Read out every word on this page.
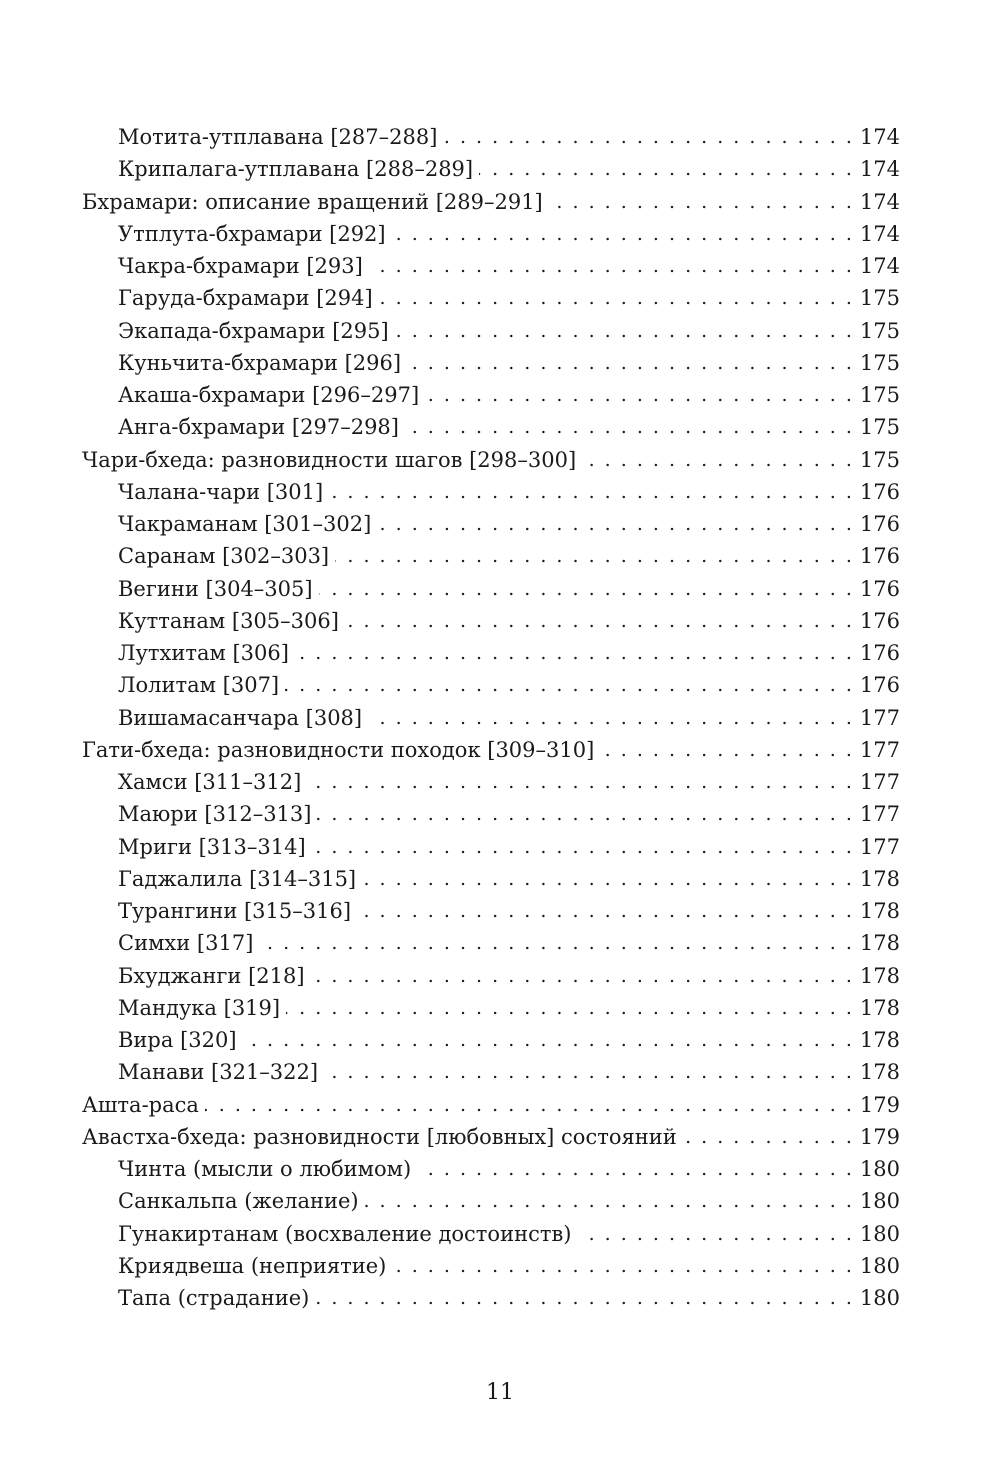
Мотита-утплавана [287–288] . . .	174
Крипалага-утплавана [288–289] . . .	174
Бхрамари: описание вращений [289–291] . . .	174
Утплута-бхрамари [292] . . .	174
Чакра-бхрамари [293] . . .	174
Гаруда-бхрамари [294] . . .	175
Экапада-бхрамари [295] . . .	175
Куньчита-бхрамари [296] . . .	175
Акаша-бхрамари [296–297] . . .	175
Анга-бхрамари [297–298] . . .	175
Чари-бхеда: разновидности шагов [298–300] . . .	175
Чалана-чари [301] . . .	176
Чакраманам [301–302] . . .	176
Саранам [302–303] . . .	176
Вегини [304–305] . . .	176
Куттанам [305–306] . . .	176
Лутхитам [306] . . .	176
Лолитам [307] . . .	176
Вишамасанчара [308] . . .	177
Гати-бхеда: разновидности походок [309–310] . . .	177
Хамси [311–312] . . .	177
Маюри [312–313] . . .	177
Мриги [313–314] . . .	177
Гаджалила [314–315] . . .	178
Турангини [315–316] . . .	178
Симхи [317] . . .	178
Бхуджанги [218] . . .	178
Мандука [319] . . .	178
Вира [320] . . .	178
Манави [321–322] . . .	178
Ашта-раса . . .	179
Авастха-бхеда: разновидности [любовных] состояний . . .	179
Чинта (мысли о любимом) . . .	180
Санкальпа (желание) . . .	180
Гунакиртанам (восхваление достоинств) . . .	180
Криядвеша (неприятие) . . .	180
Тапа (страдание) . . .	180
11
